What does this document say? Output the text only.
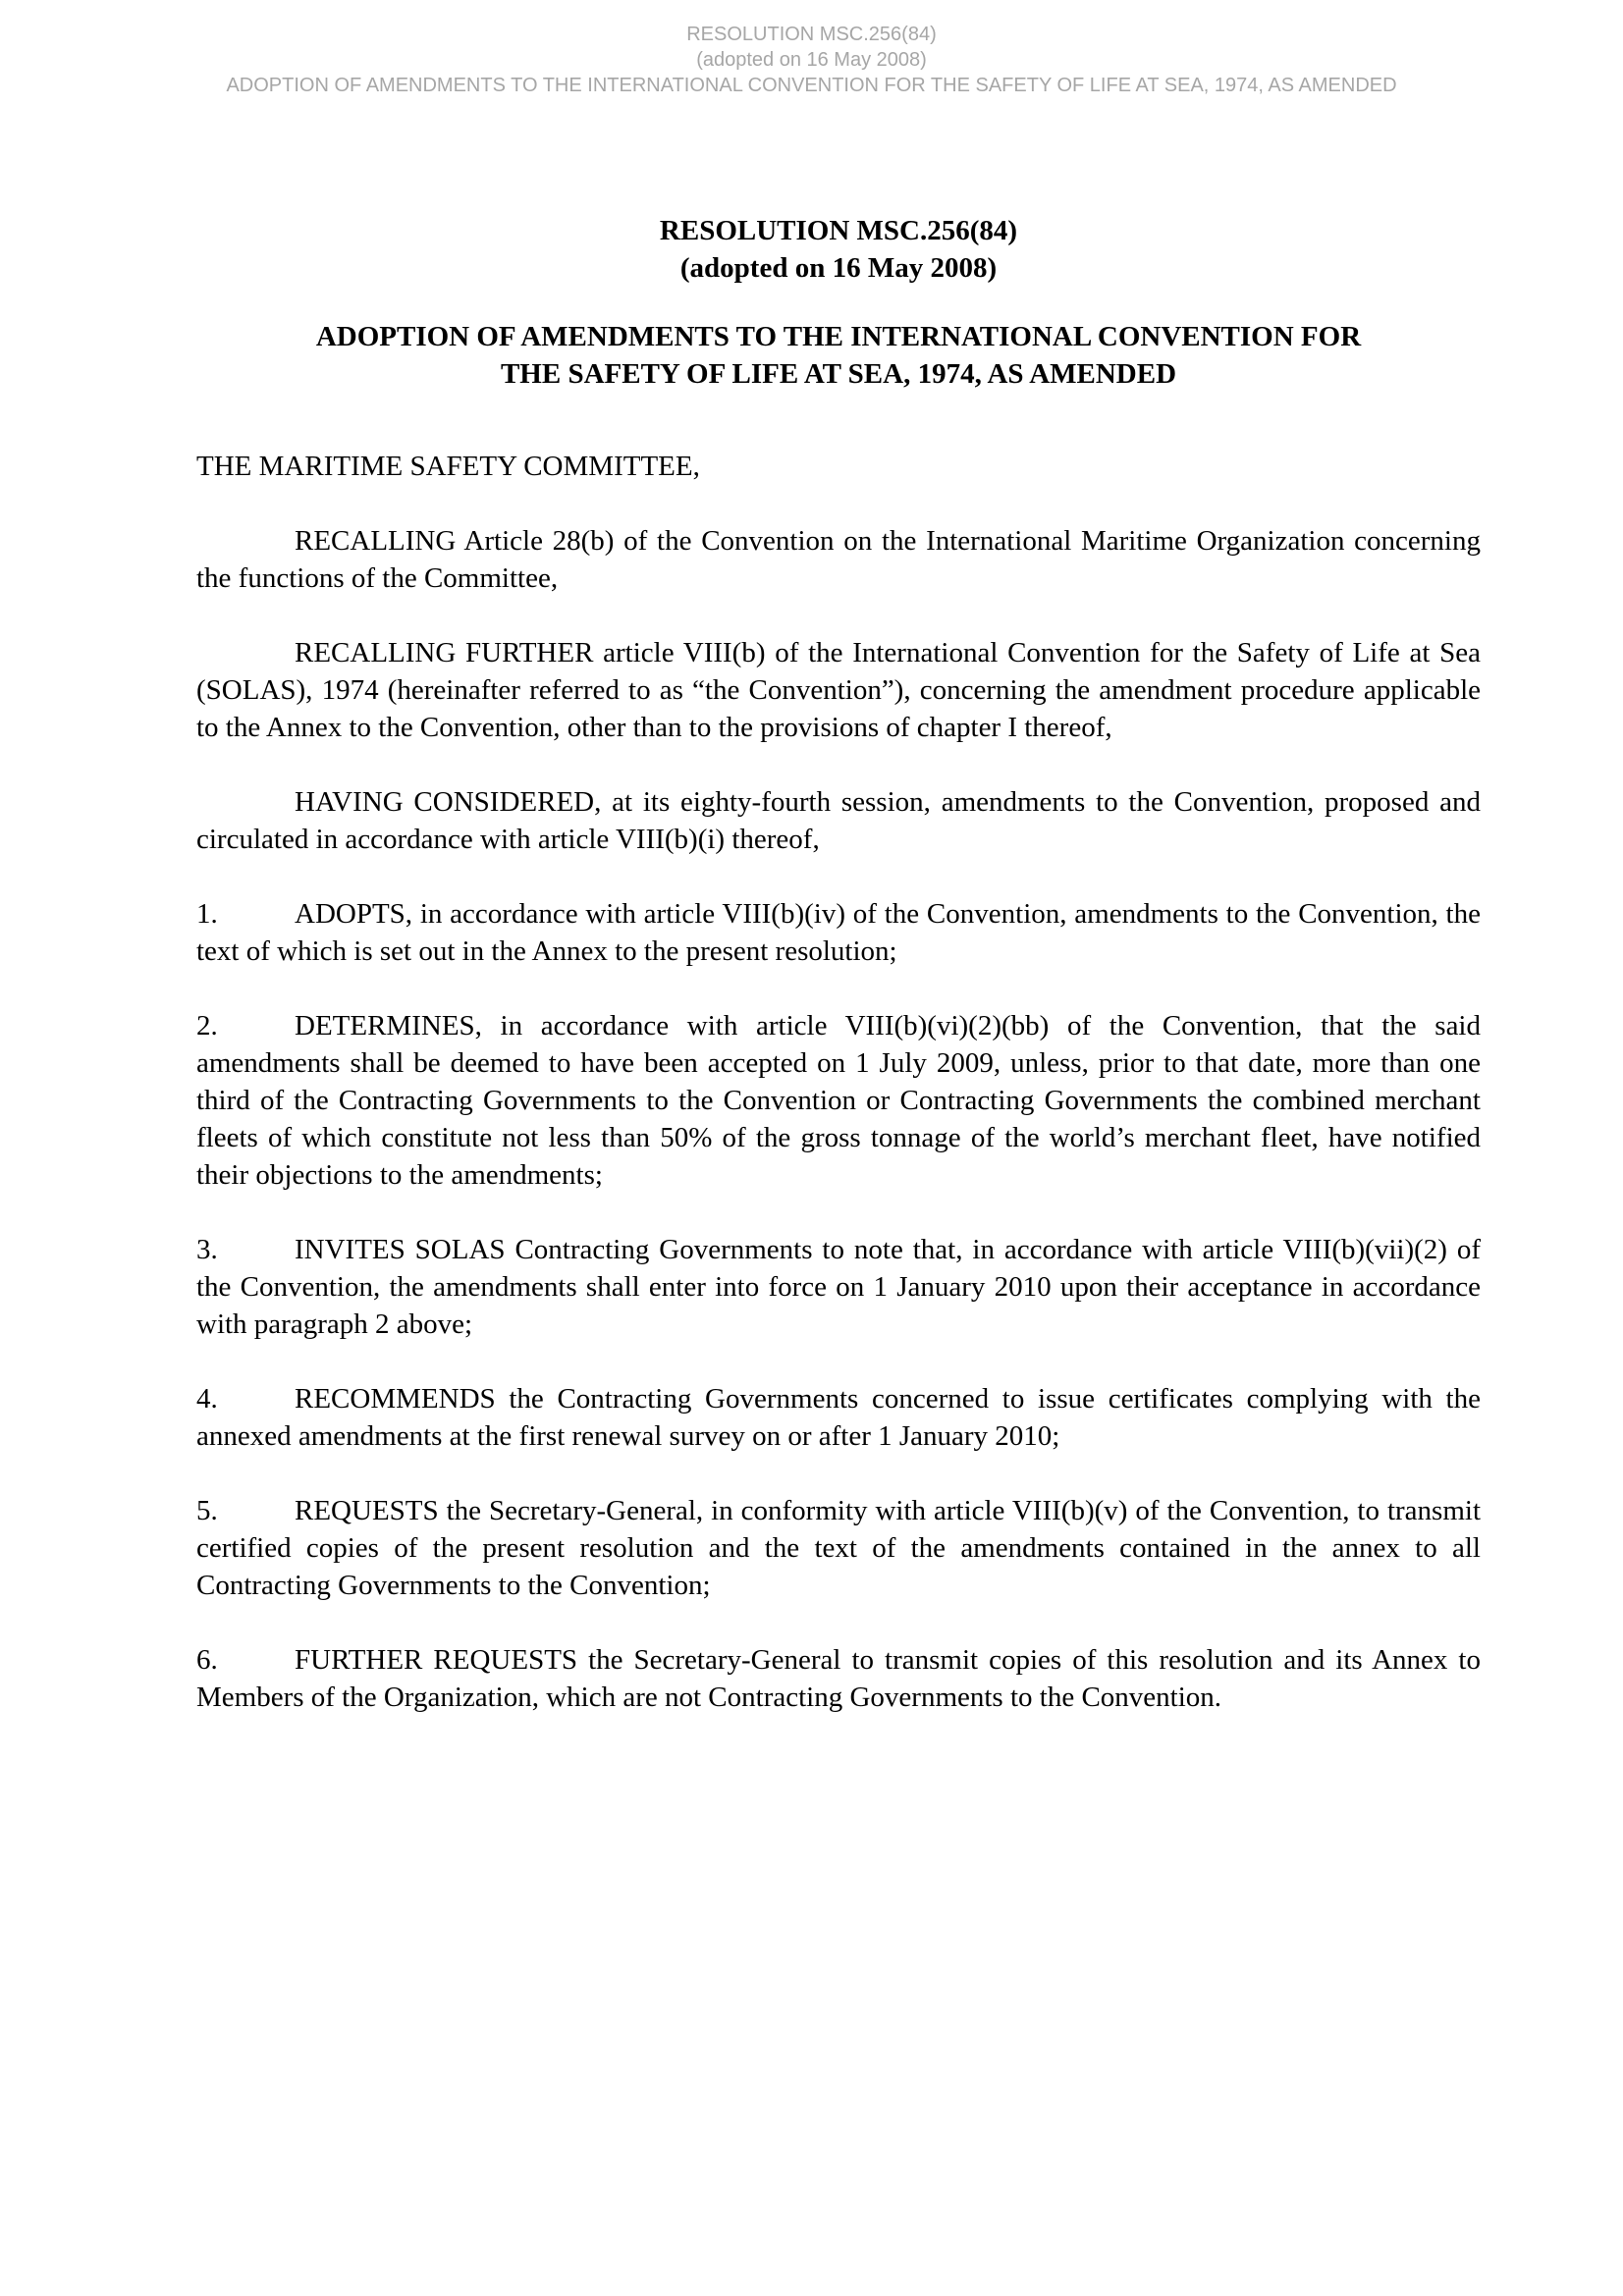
RESOLUTION MSC.256(84)
(adopted on 16 May 2008)
ADOPTION OF AMENDMENTS TO THE INTERNATIONAL CONVENTION FOR THE SAFETY OF LIFE AT SEA, 1974, AS AMENDED
RESOLUTION MSC.256(84)
(adopted on 16 May 2008)
ADOPTION OF AMENDMENTS TO THE INTERNATIONAL CONVENTION FOR
THE SAFETY OF LIFE AT SEA, 1974, AS AMENDED
THE MARITIME SAFETY COMMITTEE,
RECALLING Article 28(b) of the Convention on the International Maritime Organization concerning the functions of the Committee,
RECALLING FURTHER article VIII(b) of the International Convention for the Safety of Life at Sea (SOLAS), 1974 (hereinafter referred to as “the Convention”), concerning the amendment procedure applicable to the Annex to the Convention, other than to the provisions of chapter I thereof,
HAVING CONSIDERED, at its eighty-fourth session, amendments to the Convention, proposed and circulated in accordance with article VIII(b)(i) thereof,
1.	ADOPTS, in accordance with article VIII(b)(iv) of the Convention, amendments to the Convention, the text of which is set out in the Annex to the present resolution;
2.	DETERMINES, in accordance with article VIII(b)(vi)(2)(bb) of the Convention, that the said amendments shall be deemed to have been accepted on 1 July 2009, unless, prior to that date, more than one third of the Contracting Governments to the Convention or Contracting Governments the combined merchant fleets of which constitute not less than 50% of the gross tonnage of the world’s merchant fleet, have notified their objections to the amendments;
3.	INVITES SOLAS Contracting Governments to note that, in accordance with article VIII(b)(vii)(2) of the Convention, the amendments shall enter into force on 1 January 2010 upon their acceptance in accordance with paragraph 2 above;
4.	RECOMMENDS the Contracting Governments concerned to issue certificates complying with the annexed amendments at the first renewal survey on or after 1 January 2010;
5.	REQUESTS the Secretary-General, in conformity with article VIII(b)(v) of the Convention, to transmit certified copies of the present resolution and the text of the amendments contained in the annex to all Contracting Governments to the Convention;
6.	FURTHER REQUESTS the Secretary-General to transmit copies of this resolution and its Annex to Members of the Organization, which are not Contracting Governments to the Convention.
